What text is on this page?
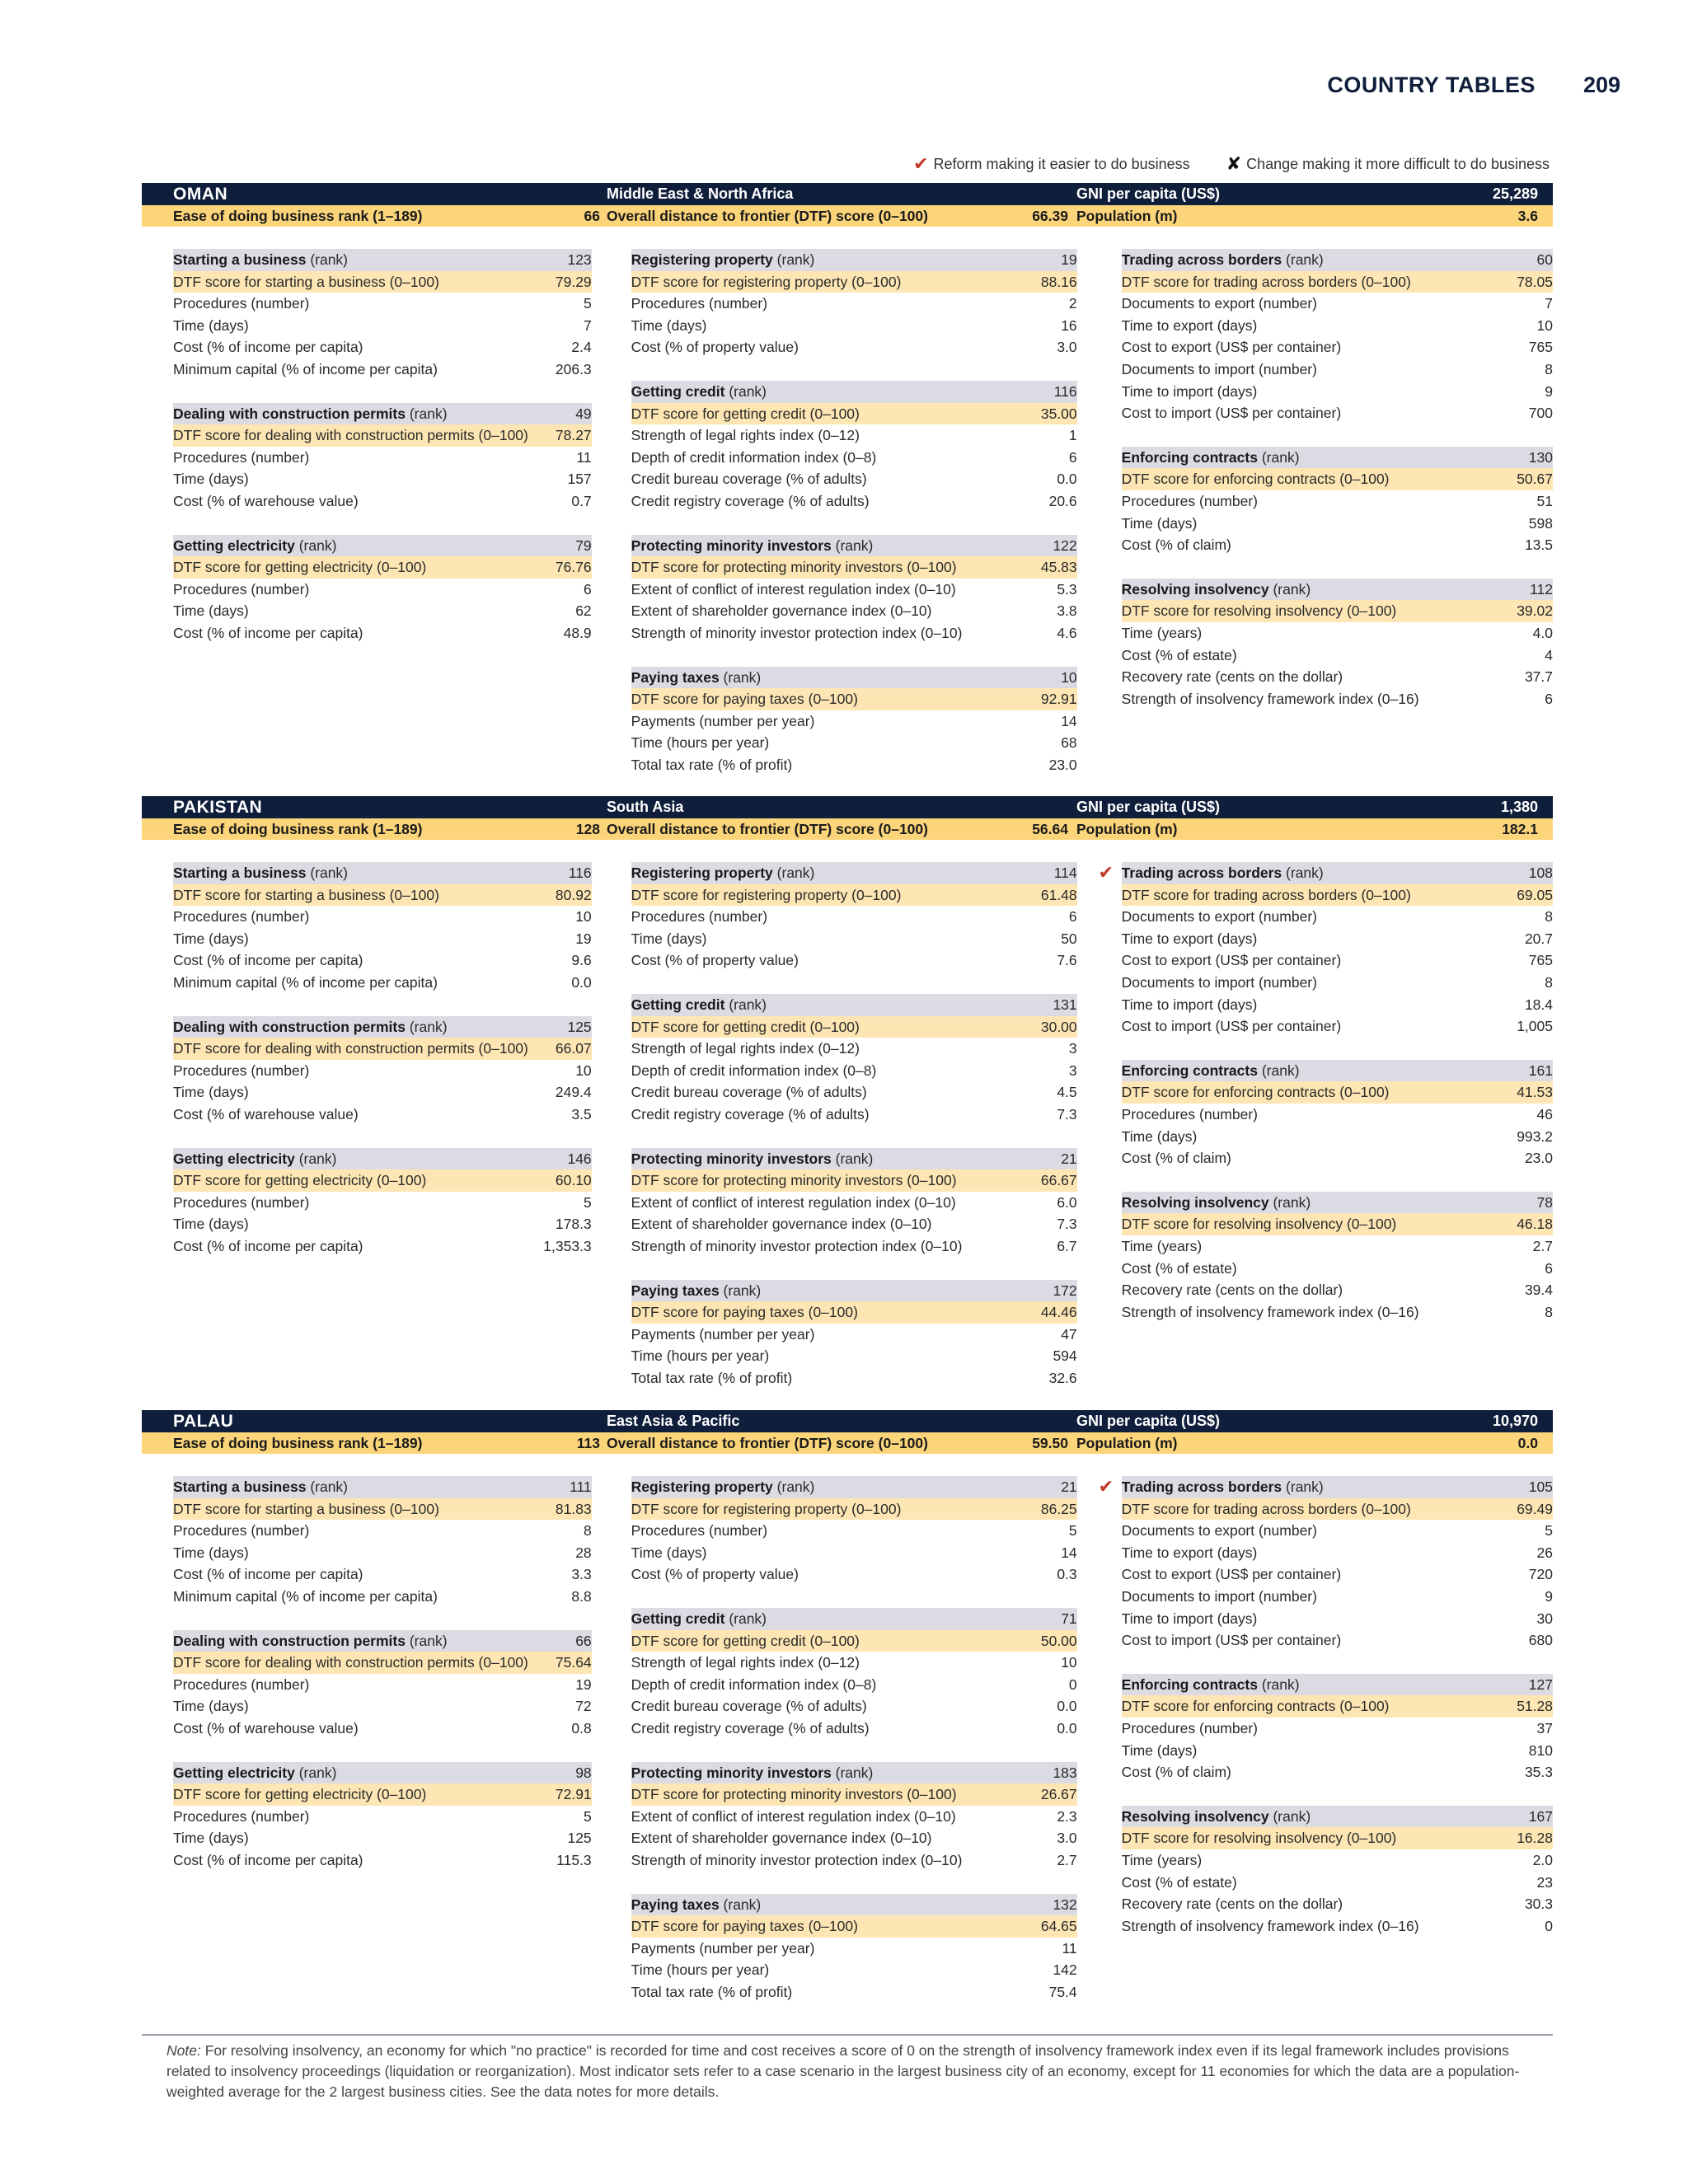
COUNTRY TABLES 209
✔ Reform making it easier to do business ✘ Change making it more difficult to do business
OMAN	Middle East & North Africa	GNI per capita (US$)	25,289
Ease of doing business rank (1–189)	66 Overall distance to frontier (DTF) score (0–100)	66.39 Population (m)	3.6
Starting a business (rank)	123
DTF score for starting a business (0–100)	79.29
Procedures (number)	5
Time (days)	7
Cost (% of income per capita)	2.4
Minimum capital (% of income per capita)	206.3
Dealing with construction permits (rank)	49
DTF score for dealing with construction permits (0–100) 78.27
Procedures (number)	11
Time (days)	157
Cost (% of warehouse value)	0.7
Getting electricity (rank)	79
DTF score for getting electricity (0–100)	76.76
Procedures (number)	6
Time (days)	62
Cost (% of income per capita)	48.9
Registering property (rank)	19
DTF score for registering property (0–100)	88.16
Procedures (number)	2
Time (days)	16
Cost (% of property value)	3.0
Getting credit (rank)	116
DTF score for getting credit (0–100)	35.00
Strength of legal rights index (0–12)	1
Depth of credit information index (0–8)	6
Credit bureau coverage (% of adults)	0.0
Credit registry coverage (% of adults)	20.6
Protecting minority investors (rank)	122
DTF score for protecting minority investors (0–100)	45.83
Extent of conflict of interest regulation index (0–10)	5.3
Extent of shareholder governance index (0–10)	3.8
Strength of minority investor protection index (0–10)	4.6
Paying taxes (rank)	10
DTF score for paying taxes (0–100)	92.91
Payments (number per year)	14
Time (hours per year)	68
Total tax rate (% of profit)	23.0
Trading across borders (rank)	60
DTF score for trading across borders (0–100)	78.05
Documents to export (number)	7
Time to export (days)	10
Cost to export (US$ per container)	765
Documents to import (number)	8
Time to import (days)	9
Cost to import (US$ per container)	700
Enforcing contracts (rank)	130
DTF score for enforcing contracts (0–100)	50.67
Procedures (number)	51
Time (days)	598
Cost (% of claim)	13.5
Resolving insolvency (rank)	112
DTF score for resolving insolvency (0–100)	39.02
Time (years)	4.0
Cost (% of estate)	4
Recovery rate (cents on the dollar)	37.7
Strength of insolvency framework index (0–16)	6
PAKISTAN	South Asia	GNI per capita (US$)	1,380
Ease of doing business rank (1–189)	128 Overall distance to frontier (DTF) score (0–100)	56.64 Population (m)	182.1
Starting a business (rank)	116
DTF score for starting a business (0–100)	80.92
Procedures (number)	10
Time (days)	19
Cost (% of income per capita)	9.6
Minimum capital (% of income per capita)	0.0
Dealing with construction permits (rank)	125
DTF score for dealing with construction permits (0–100) 66.07
Procedures (number)	10
Time (days)	249.4
Cost (% of warehouse value)	3.5
Getting electricity (rank)	146
DTF score for getting electricity (0–100)	60.10
Procedures (number)	5
Time (days)	178.3
Cost (% of income per capita)	1,353.3
Registering property (rank)	114
DTF score for registering property (0–100)	61.48
Procedures (number)	6
Time (days)	50
Cost (% of property value)	7.6
Getting credit (rank)	131
DTF score for getting credit (0–100)	30.00
Strength of legal rights index (0–12)	3
Depth of credit information index (0–8)	3
Credit bureau coverage (% of adults)	4.5
Credit registry coverage (% of adults)	7.3
Protecting minority investors (rank)	21
DTF score for protecting minority investors (0–100)	66.67
Extent of conflict of interest regulation index (0–10)	6.0
Extent of shareholder governance index (0–10)	7.3
Strength of minority investor protection index (0–10)	6.7
Paying taxes (rank)	172
DTF score for paying taxes (0–100)	44.46
Payments (number per year)	47
Time (hours per year)	594
Total tax rate (% of profit)	32.6
✔ Trading across borders (rank)	108
DTF score for trading across borders (0–100)	69.05
Documents to export (number)	8
Time to export (days)	20.7
Cost to export (US$ per container)	765
Documents to import (number)	8
Time to import (days)	18.4
Cost to import (US$ per container)	1,005
Enforcing contracts (rank)	161
DTF score for enforcing contracts (0–100)	41.53
Procedures (number)	46
Time (days)	993.2
Cost (% of claim)	23.0
Resolving insolvency (rank)	78
DTF score for resolving insolvency (0–100)	46.18
Time (years)	2.7
Cost (% of estate)	6
Recovery rate (cents on the dollar)	39.4
Strength of insolvency framework index (0–16)	8
PALAU	East Asia & Pacific	GNI per capita (US$)	10,970
Ease of doing business rank (1–189)	113 Overall distance to frontier (DTF) score (0–100)	59.50 Population (m)	0.0
Starting a business (rank)	111
DTF score for starting a business (0–100)	81.83
Procedures (number)	8
Time (days)	28
Cost (% of income per capita)	3.3
Minimum capital (% of income per capita)	8.8
Dealing with construction permits (rank)	66
DTF score for dealing with construction permits (0–100) 75.64
Procedures (number)	19
Time (days)	72
Cost (% of warehouse value)	0.8
Getting electricity (rank)	98
DTF score for getting electricity (0–100)	72.91
Procedures (number)	5
Time (days)	125
Cost (% of income per capita)	115.3
Registering property (rank)	21
DTF score for registering property (0–100)	86.25
Procedures (number)	5
Time (days)	14
Cost (% of property value)	0.3
Getting credit (rank)	71
DTF score for getting credit (0–100)	50.00
Strength of legal rights index (0–12)	10
Depth of credit information index (0–8)	0
Credit bureau coverage (% of adults)	0.0
Credit registry coverage (% of adults)	0.0
Protecting minority investors (rank)	183
DTF score for protecting minority investors (0–100)	26.67
Extent of conflict of interest regulation index (0–10)	2.3
Extent of shareholder governance index (0–10)	3.0
Strength of minority investor protection index (0–10)	2.7
Paying taxes (rank)	132
DTF score for paying taxes (0–100)	64.65
Payments (number per year)	11
Time (hours per year)	142
Total tax rate (% of profit)	75.4
✔ Trading across borders (rank)	105
DTF score for trading across borders (0–100)	69.49
Documents to export (number)	5
Time to export (days)	26
Cost to export (US$ per container)	720
Documents to import (number)	9
Time to import (days)	30
Cost to import (US$ per container)	680
Enforcing contracts (rank)	127
DTF score for enforcing contracts (0–100)	51.28
Procedures (number)	37
Time (days)	810
Cost (% of claim)	35.3
Resolving insolvency (rank)	167
DTF score for resolving insolvency (0–100)	16.28
Time (years)	2.0
Cost (% of estate)	23
Recovery rate (cents on the dollar)	30.3
Strength of insolvency framework index (0–16)	0
Note: For resolving insolvency, an economy for which "no practice" is recorded for time and cost receives a score of 0 on the strength of insolvency framework index even if its legal framework includes provisions related to insolvency proceedings (liquidation or reorganization). Most indicator sets refer to a case scenario in the largest business city of an economy, except for 11 economies for which the data are a population-weighted average for the 2 largest business cities. See the data notes for more details.
